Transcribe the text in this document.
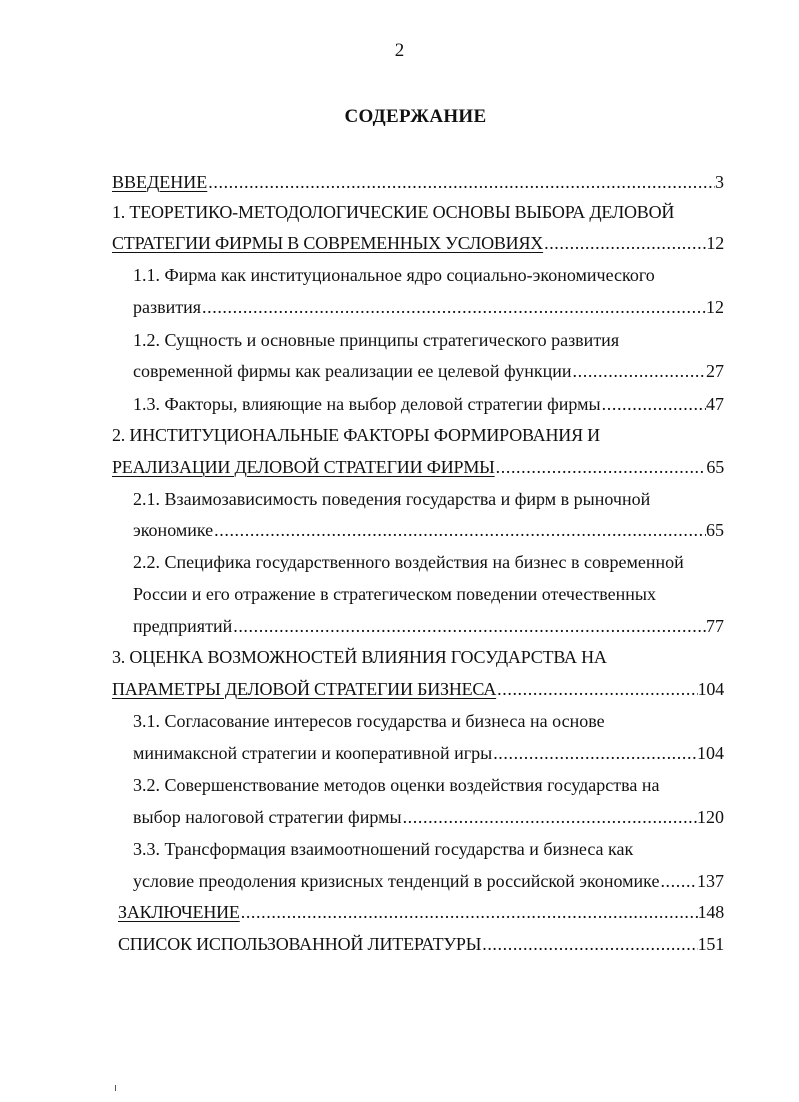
2
СОДЕРЖАНИЕ
ВВЕДЕНИЕ .....	3
1. ТЕОРЕТИКО-МЕТОДОЛОГИЧЕСКИЕ ОСНОВЫ ВЫБОРА ДЕЛОВОЙ
СТРАТЕГИИ ФИРМЫ В СОВРЕМЕННЫХ УСЛОВИЯХ .....	12
1.1. Фирма как институциональное ядро социально-экономического
развития .....	12
1.2. Сущность и основные принципы стратегического развития
современной фирмы как реализации ее целевой функции .....	27
1.3. Факторы, влияющие на выбор деловой стратегии фирмы .....	47
2. ИНСТИТУЦИОНАЛЬНЫЕ ФАКТОРЫ ФОРМИРОВАНИЯ И
РЕАЛИЗАЦИИ ДЕЛОВОЙ СТРАТЕГИИ ФИРМЫ .....	65
2.1. Взаимозависимость поведения государства и фирм в рыночной
экономике .....	65
2.2. Специфика государственного воздействия на бизнес в современной
России и его отражение в стратегическом поведении отечественных
предприятий .....	77
3. ОЦЕНКА ВОЗМОЖНОСТЕЙ ВЛИЯНИЯ ГОСУДАРСТВА НА
ПАРАМЕТРЫ ДЕЛОВОЙ СТРАТЕГИИ БИЗНЕСА .....	104
3.1. Согласование интересов государства и бизнеса на основе
минимаксной стратегии и кооперативной игры .....	104
3.2. Совершенствование методов оценки воздействия государства на
выбор налоговой стратегии фирмы .....	120
3.3. Трансформация взаимоотношений государства и бизнеса как
условие преодоления кризисных тенденций в российской экономике ..... 137
ЗАКЛЮЧЕНИЕ .....	148
СПИСОК ИСПОЛЬЗОВАННОЙ ЛИТЕРАТУРЫ .....	151
